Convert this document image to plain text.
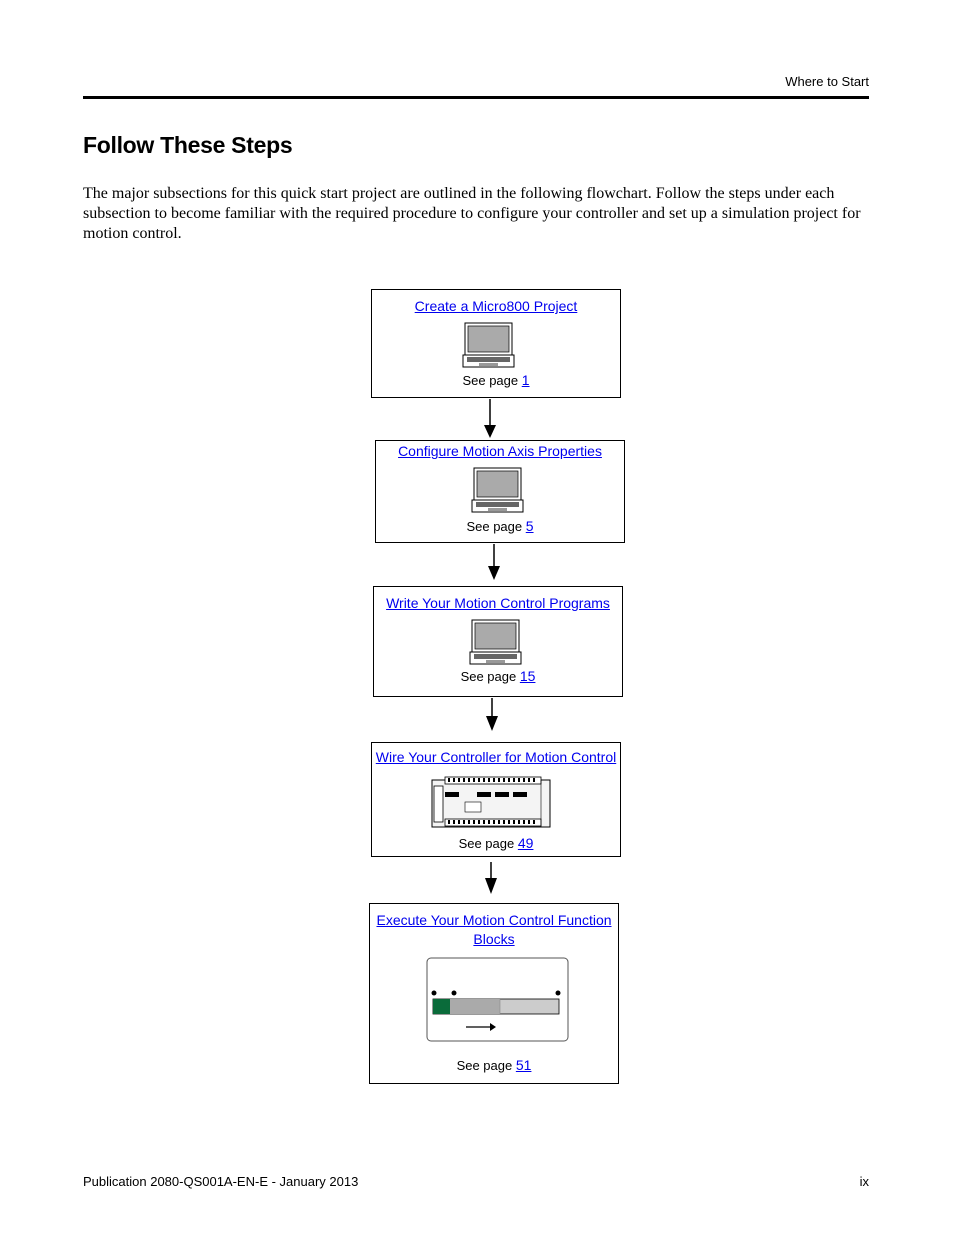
Where to Start
Follow These Steps

The major subsections for this quick start project are outlined in the following flowchart. Follow the steps under each subsection to become familiar with the required procedure to configure your controller and set up a simulation project for motion control.

Create a Micro800 Project
See page 1
Configure Motion Axis Properties
See page 5
Write Your Motion Control Programs
See page 15
Wire Your Controller for Motion Control
See page 49
Execute Your Motion Control Function
Blocks
See page 51
Publication 2080-QS001A-EN-E - January 2013	ix
